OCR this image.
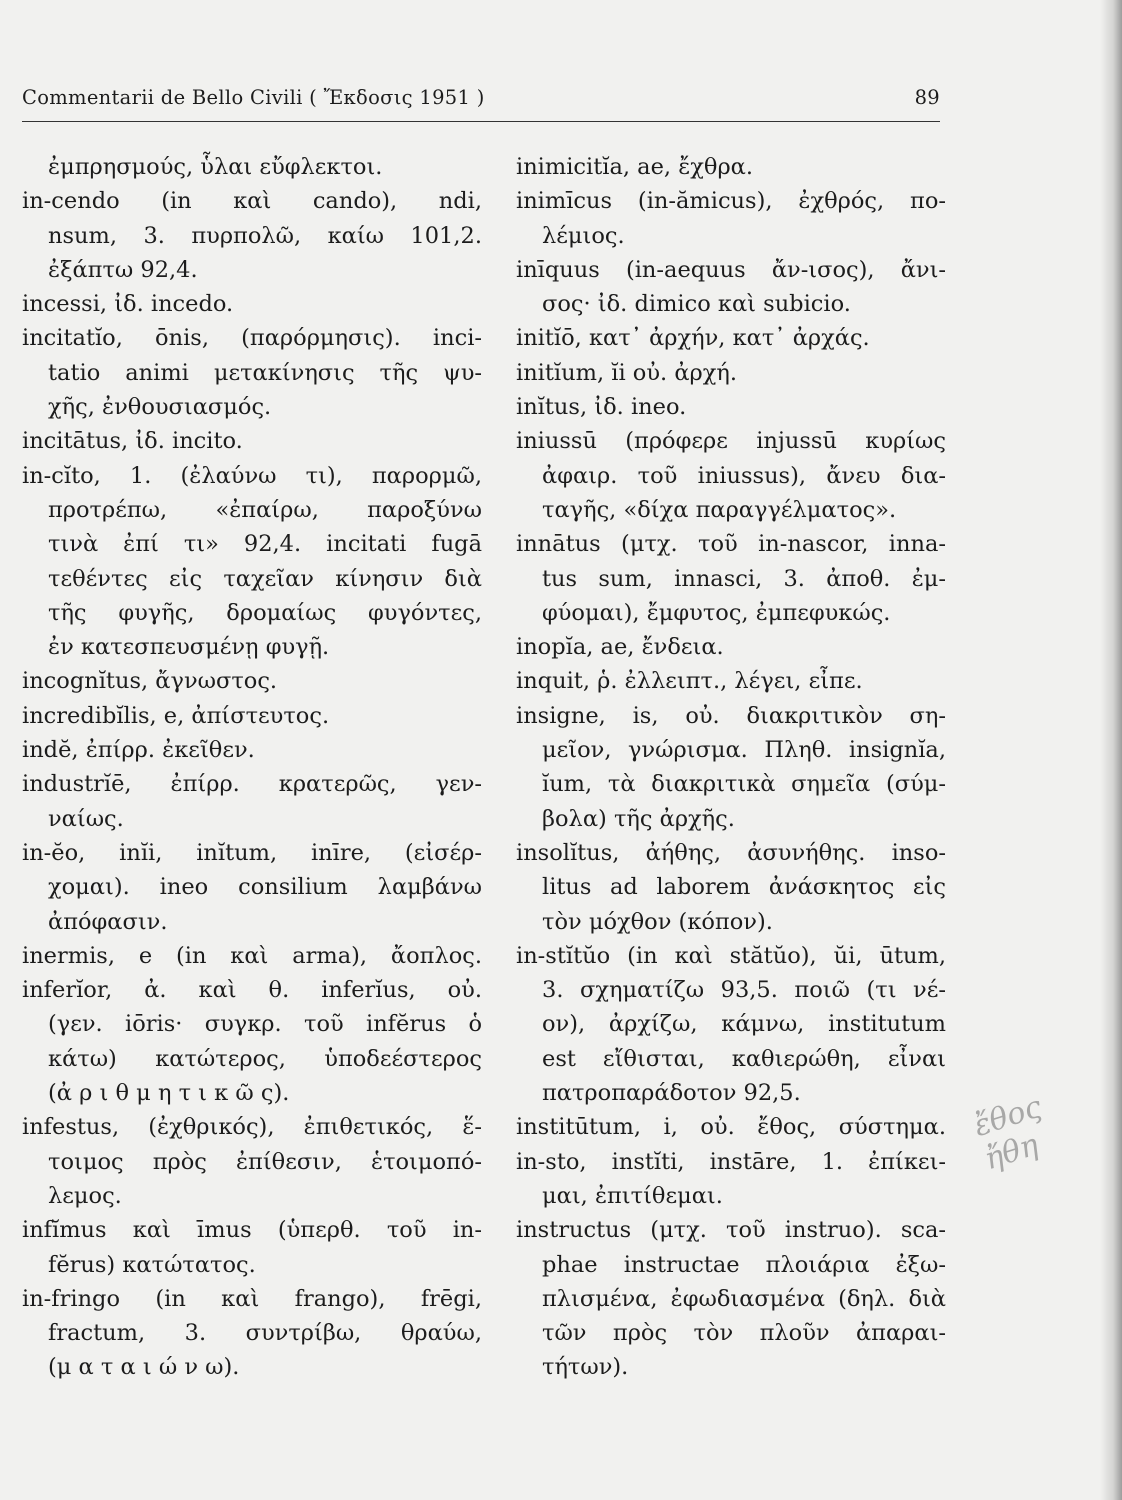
Commentarii de Bello Civili ( Ἔκδοσις 1951 )	89
ἐμπρησμούς, ὗλαι εὔφλεκτοι.
in-cendo (in καὶ cando), ndi,
nsum, 3. πυρπολῶ, καίω 101,2.
ἐξάπτω 92,4.
incessi, ἰδ. incedo.
incitatĭo, ōnis, (παρόρμησις). inci-
tatio animi μετακίνησις τῆς ψυ-
χῆς, ἐνθουσιασμός.
incitātus, ἰδ. incito.
in-cĭto, 1. (ἐλαύνω τι), παρορμῶ,
προτρέπω, «ἐπαίρω, παροξύνω
τινὰ ἐπί τι» 92,4. incitati fugā
τεθέντες εἰς ταχεῖαν κίνησιν διὰ
τῆς φυγῆς, δρομαίως φυγόντες,
ἐν κατεσπευσμένῃ φυγῇ.
incognĭtus, ἄγνωστος.
incredibĭlis, e, ἀπίστευτος.
indĕ, ἐπίρρ. ἐκεῖθεν.
industrĭē, ἐπίρρ. κρατερῶς, γεν-
ναίως.
in-ĕo, inĭi, inĭtum, inīre, (εἰσέρ-
χομαι). ineo consilium λαμβάνω
ἀπόφασιν.
inermis, e (in καὶ arma), ἄοπλος.
inferĭor, ἀ. καὶ θ. inferĭus, οὐ.
(γεν. iōris· συγκρ. τοῦ infĕrus ὁ
κάτω) κατώτερος, ὑποδεέστερος
(ἀ ρ ι θ μ η τ ι κ ῶ ς).
infestus, (ἐχθρικός), ἐπιθετικός, ἕ-
τοιμος πρὸς ἐπίθεσιν, ἑτοιμοπό-
λεμος.
infĭmus καὶ īmus (ὑπερθ. τοῦ in-
fĕrus) κατώτατος.
in-fringo (in καὶ frango), frēgi,
fractum, 3. συντρίβω, θραύω,
(μ α τ α ι ώ ν ω).
inimicitĭa, ae, ἔχθρα.
inimīcus (in-ămicus), ἐχθρός, πο-
λέμιος.
inīquus (in-aequus ἄν-ισος), ἄνι-
σος· ἰδ. dimico καὶ subicio.
initĭō, κατ᾽ ἀρχήν, κατ᾽ ἀρχάς.
initĭum, ĭi οὐ. ἀρχή.
inĭtus, ἰδ. ineo.
iniussū (πρόφερε injussū κυρίως
ἀφαιρ. τοῦ iniussus), ἄνευ δια-
ταγῆς, «δίχα παραγγέλματος».
innātus (μτχ. τοῦ in-nascor, inna-
tus sum, innasci, 3. ἀποθ. ἐμ-
φύομαι), ἔμφυτος, ἐμπεφυκώς.
inopĭa, ae, ἔνδεια.
inquit, ῥ. ἐλλειπτ., λέγει, εἶπε.
insigne, is, οὐ. διακριτικὸν ση-
μεῖον, γνώρισμα. Πληθ. insignĭa,
ĭum, τὰ διακριτικὰ σημεῖα (σύμ-
βολα) τῆς ἀρχῆς.
insolĭtus, ἀήθης, ἀσυνήθης. inso-
litus ad laborem ἀνάσκητος εἰς
τὸν μόχθον (κόπον).
in-stĭtŭo (in καὶ stătŭo), ŭi, ūtum,
3. σχηματίζω 93,5. ποιῶ (τι νέ-
ον), ἀρχίζω, κάμνω, institutum
est εἴθισται, καθιερώθη, εἶναι
πατροπαράδοτον 92,5.
institūtum, i, οὐ. ἔθος, σύστημα.
in-sto, instĭti, instāre, 1. ἐπίκει-
μαι, ἐπιτίθεμαι.
instructus (μτχ. τοῦ instruo). sca-
phae instructae πλοιάρια ἐξω-
πλισμένα, ἐφωδιασμένα (δηλ. διὰ
τῶν πρὸς τὸν πλοῦν ἀπαραι-
τήτων).
ἔθος ἤθη
